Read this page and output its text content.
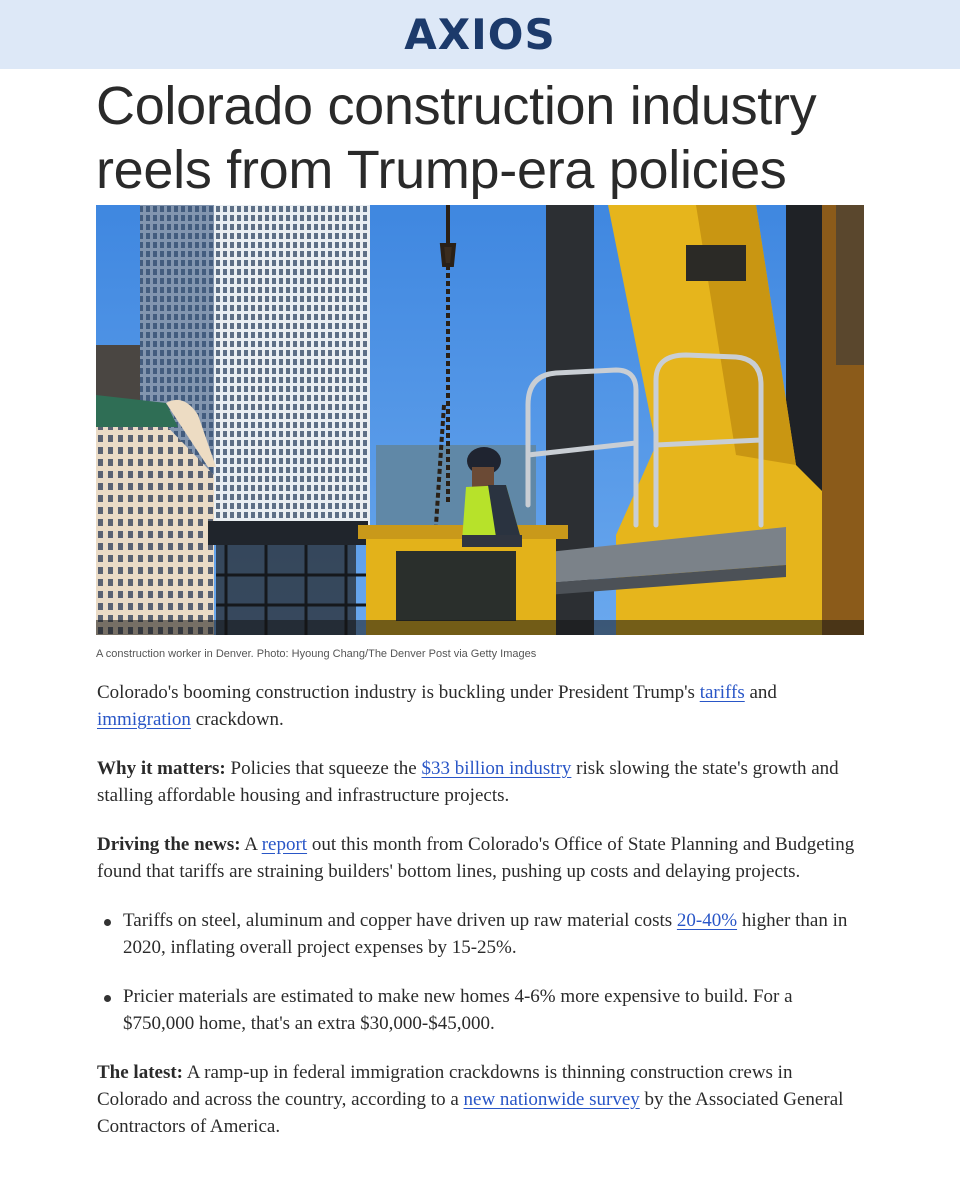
AXIOS
Colorado construction industry reels from Trump-era policies
A construction worker in Denver. Photo: Hyoung Chang/The Denver Post via Getty Images

Colorado's booming construction industry is buckling under President Trump's tariffs and immigration crackdown.

Why it matters: Policies that squeeze the $33 billion industry risk slowing the state's growth and stalling affordable housing and infrastructure projects.

Driving the news: A report out this month from Colorado's Office of State Planning and Budgeting found that tariffs are straining builders' bottom lines, pushing up costs and delaying projects.

Tariffs on steel, aluminum and copper have driven up raw material costs 20-40% higher than in 2020, inflating overall project expenses by 15-25%.
Pricier materials are estimated to make new homes 4-6% more expensive to build. For a $750,000 home, that's an extra $30,000-$45,000.

The latest: A ramp-up in federal immigration crackdowns is thinning construction crews in Colorado and across the country, according to a new nationwide survey by the Associated General Contractors of America.
